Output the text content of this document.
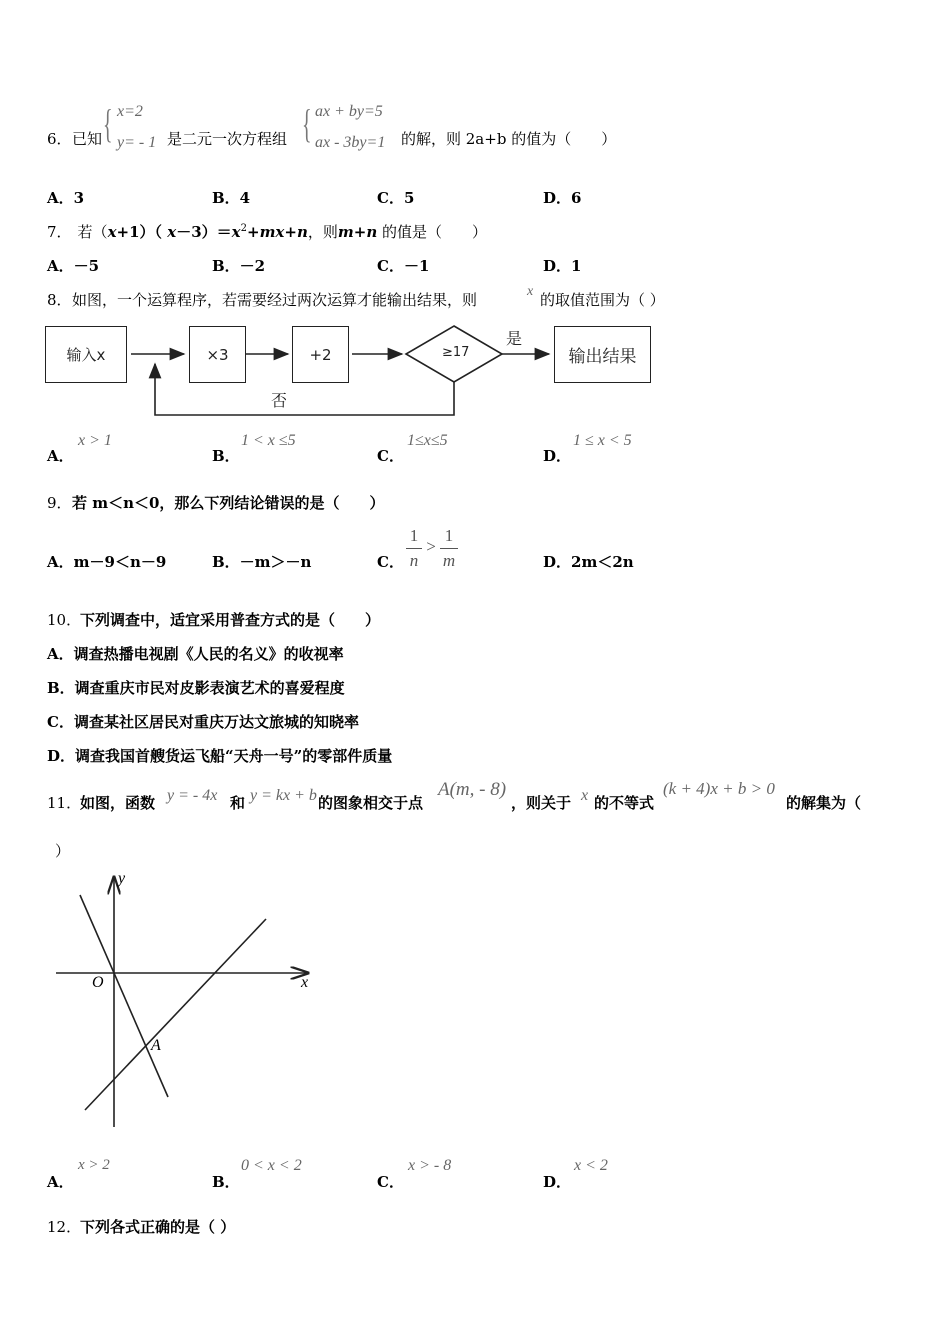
6． 已知 { x=2
y= - 1 是二元一次方程组 { ax + by=5
ax - 3by=1 的解，则 2a+b 的值为（　　）
A．3	B．4	C．5	D．6
7． 若（x+1）（ $x-3)=x^2+mx+n$，则m+n 的值是（　　）
A．－5	B．－2	C．－1	D．1
8． 如图，一个运算程序，若需要经过两次运算才能输出结果，则	x 的取值范围为（ ）
输入x	×3	+2	输出结果
≥17
是
否
A．
x > 1
B．
1 < x ≤5
C．
1≤x≤5
D．
1 ≤ x < 5
9． 若 m＜n＜0，那么下列结论错误的是（　　）
A．m－9＜n－9	B．－m＞－n	C．
1
n
>
1
m	D．2m＜2n
10．
下列调查中，适宜采用普查方式的是（　　）
A．调查热播电视剧《人民的名义》的收视率
B．调查重庆市民对皮影表演艺术的喜爱程度
C．调查某社区居民对重庆万达文旅城的知晓率
D．调查我国首艘货运飞船“天舟一号”的零部件质量
11．
如图，函数 y = - 4x 和 y = kx + b 的图象相交于点
A(m, - 8)
，则关于 x 的不等式
(k + 4)x + b > 0
的解集为（
）
y
x
O
A
A．
x > 2
B．
0 < x < 2
C．
x > - 8
D．
x < 2
12．
下列各式正确的是（ ）
